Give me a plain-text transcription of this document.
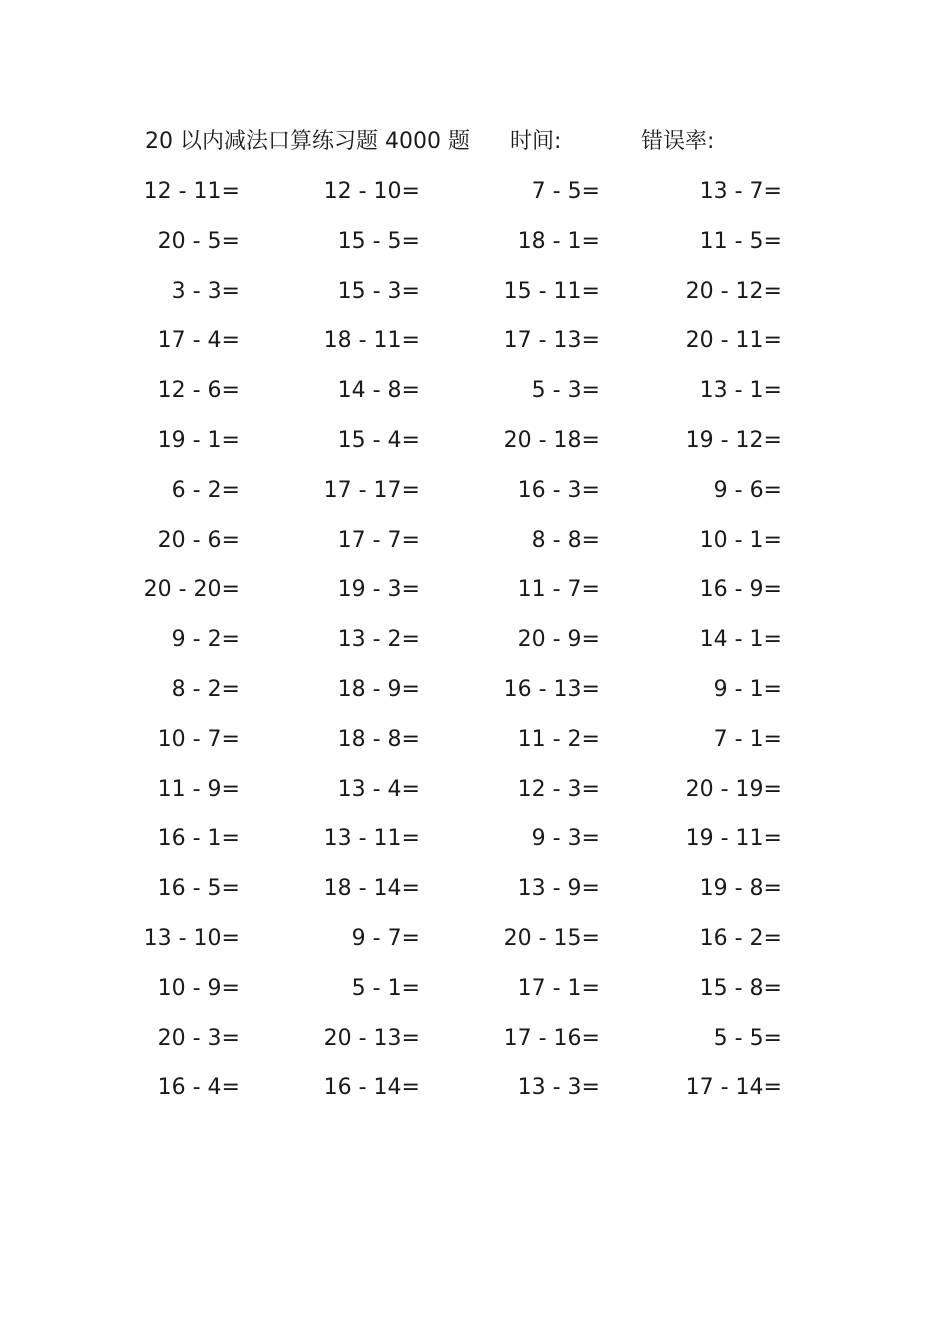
20 以内减法口算练习题 4000 题 时间:	错误率:
12 - 11=	12 - 10=	7 - 5=	13 - 7=
20 - 5=	15 - 5=	18 - 1=	11 - 5=
3 - 3=	15 - 3=	15 - 11=	20 - 12=
17 - 4=	18 - 11=	17 - 13=	20 - 11=
12 - 6=	14 - 8=	5 - 3=	13 - 1=
19 - 1=	15 - 4=	20 - 18=	19 - 12=
6 - 2=	17 - 17=	16 - 3=	9 - 6=
20 - 6=	17 - 7=	8 - 8=	10 - 1=
20 - 20=	19 - 3=	11 - 7=	16 - 9=
9 - 2=	13 - 2=	20 - 9=	14 - 1=
8 - 2=	18 - 9=	16 - 13=	9 - 1=
10 - 7=	18 - 8=	11 - 2=	7 - 1=
11 - 9=	13 - 4=	12 - 3=	20 - 19=
16 - 1=	13 - 11=	9 - 3=	19 - 11=
16 - 5=	18 - 14=	13 - 9=	19 - 8=
13 - 10=	9 - 7=	20 - 15=	16 - 2=
10 - 9=	5 - 1=	17 - 1=	15 - 8=
20 - 3=	20 - 13=	17 - 16=	5 - 5=
16 - 4=	16 - 14=	13 - 3=	17 - 14=
